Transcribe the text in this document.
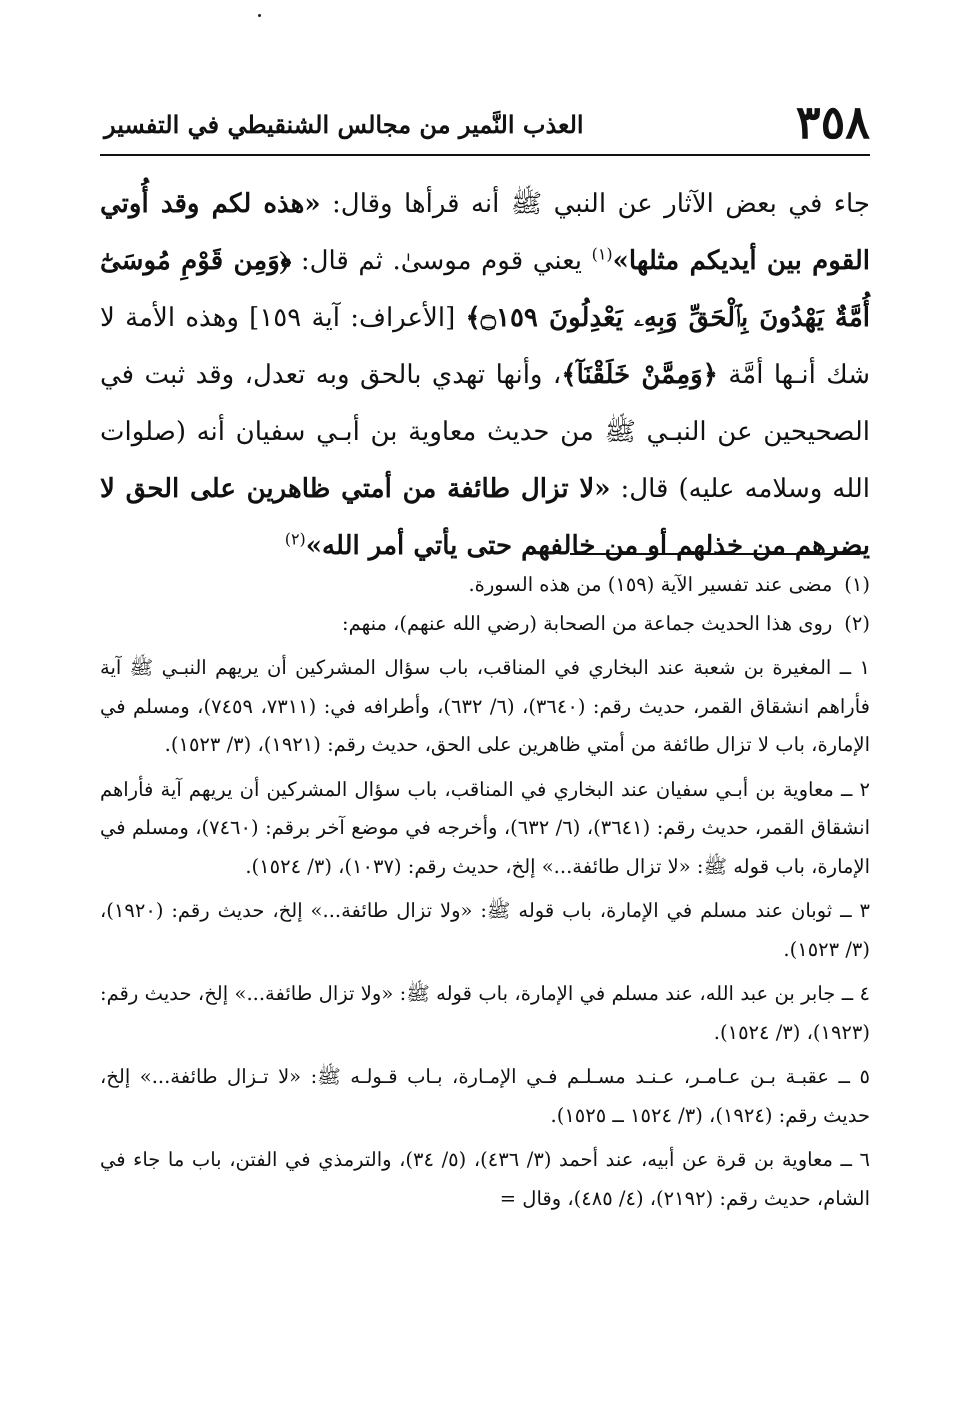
٣٥٨
العذب النَّمير من مجالس الشنقيطي في التفسير

جاء في بعض الآثار عن النبي ﷺ أنه قرأها وقال: «هذه لكم وقد أُوتي القوم بين أيديكم مثلها»$^{(١)}$ يعني قوم موسىٰ. ثم قال: ﴿وَمِن قَوْمِ مُوسَىٰٓ أُمَّةٌ يَهْدُونَ بِٱلْحَقِّ وَبِهِۦ يَعْدِلُونَ ۝١٥٩﴾ [الأعراف: آية ١٥٩] وهذه الأمة لا شك أنـها أمَّة ﴿وَمِمَّنْ خَلَقْنَآ﴾، وأنها تهدي بالحق وبه تعدل، وقد ثبت في الصحيحين عن النبـي ﷺ من حديث معاوية بن أبـي سفيان أنه (صلوات الله وسلامه عليه) قال: «لا تزال طائفة من أمتي ظاهرين على الحق لا يضرهم من خذلهم أو من خالفهم حتى يأتي أمر الله»$^{(٢)}$

(١)مضى عند تفسير الآية (١٥٩) من هذه السورة.

(٢)روى هذا الحديث جماعة من الصحابة (رضي الله عنهم)، منهم:

١ ــ المغيرة بن شعبة عند البخاري في المناقب، باب سؤال المشركين أن يريهم النبـي ﷺ آية فأراهم انشقاق القمر، حديث رقم: (٣٦٤٠)، (٦/ ٦٣٢)، وأطرافه في: (٧٣١١، ٧٤٥٩)، ومسلم في الإمارة، باب لا تزال طائفة من أمتي ظاهرين على الحق، حديث رقم: (١٩٢١)، (٣/ ١٥٢٣).

٢ ــ معاوية بن أبـي سفيان عند البخاري في المناقب، باب سؤال المشركين أن يريهم آية فأراهم انشقاق القمر، حديث رقم: (٣٦٤١)، (٦/ ٦٣٢)، وأخرجه في موضع آخر برقم: (٧٤٦٠)، ومسلم في الإمارة، باب قوله ﷺ: «لا تزال طائفة...» إلخ، حديث رقم: (١٠٣٧)، (٣/ ١٥٢٤).

٣ ــ ثوبان عند مسلم في الإمارة، باب قوله ﷺ: «ولا تزال طائفة...» إلخ، حديث رقم: (١٩٢٠)، (٣/ ١٥٢٣).

٤ ــ جابر بن عبد الله، عند مسلم في الإمارة، باب قوله ﷺ: «ولا تزال طائفة...» إلخ، حديث رقم: (١٩٢٣)، (٣/ ١٥٢٤).

٥ ــ عقبـة بـن عـامـر، عـنـد مسـلـم فـي الإمـارة، بـاب قـولـه ﷺ: «لا تـزال طائفة...» إلخ، حديث رقم: (١٩٢٤)، (٣/ ١٥٢٤ ــ ١٥٢٥).

٦ ــ معاوية بن قرة عن أبيه، عند أحمد (٣/ ٤٣٦)، (٥/ ٣٤)، والترمذي في الفتن، باب ما جاء في الشام، حديث رقم: (٢١٩٢)، (٤/ ٤٨٥)، وقال =
